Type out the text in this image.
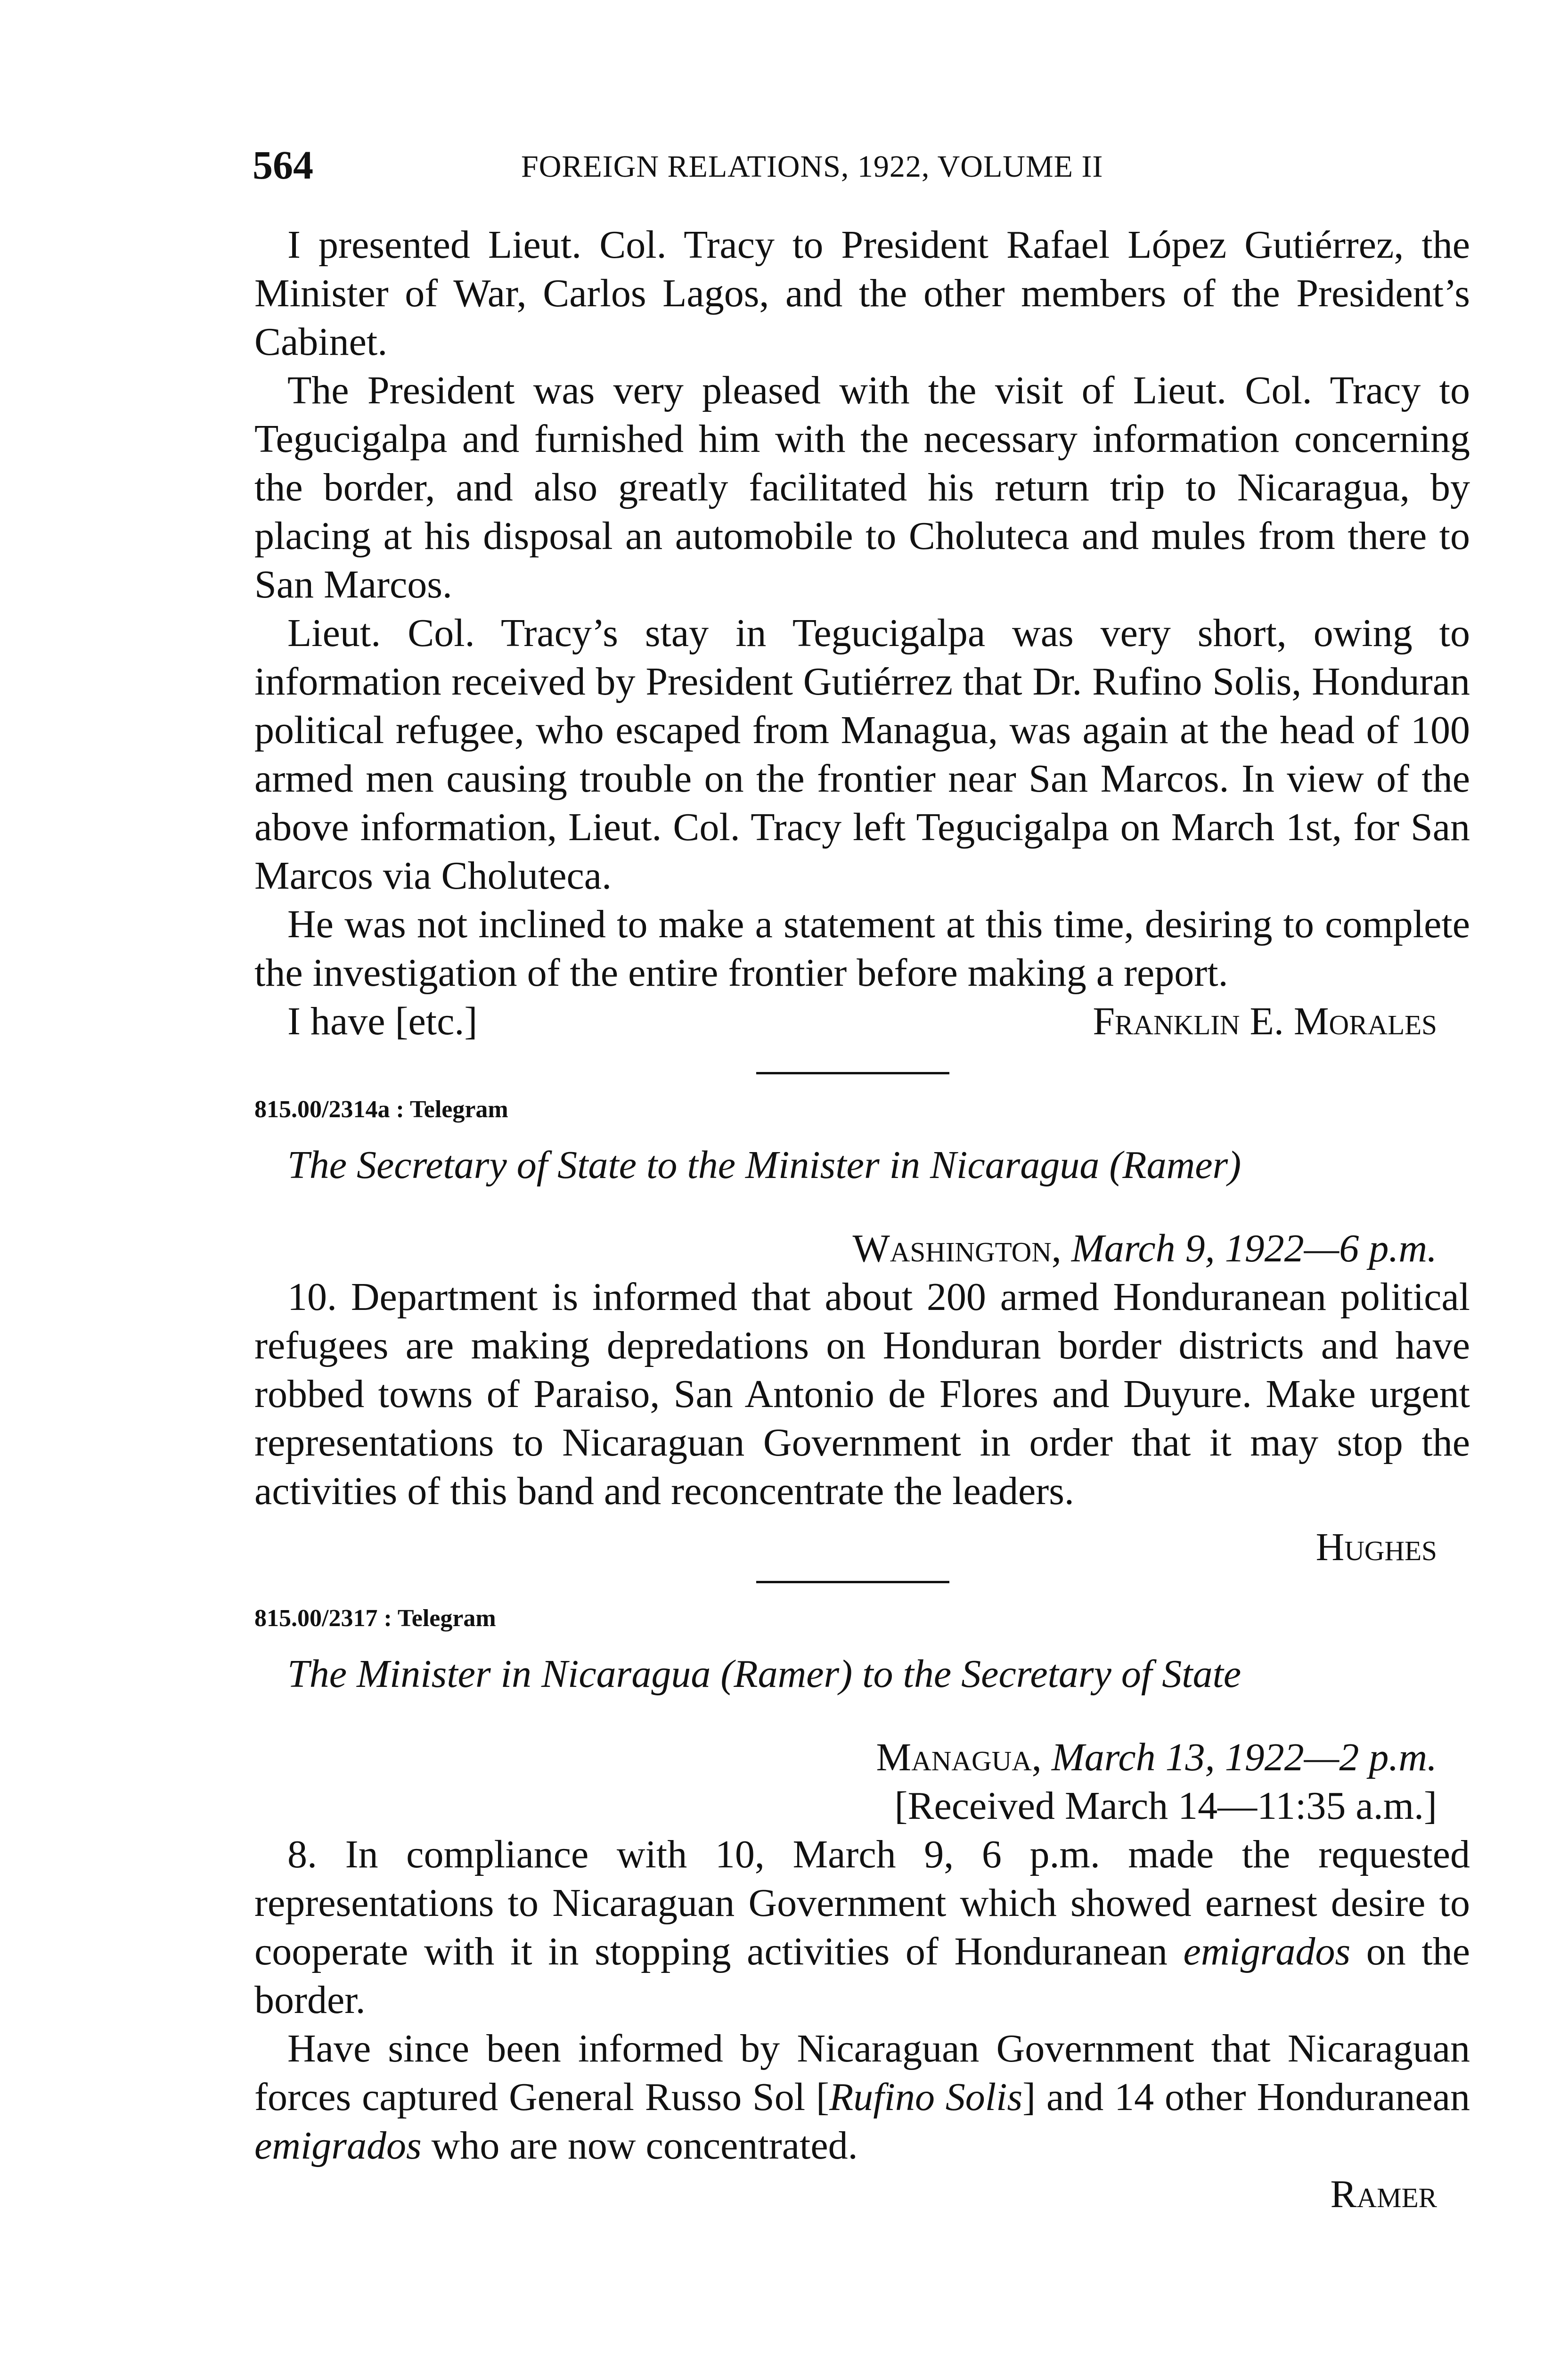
564	FOREIGN RELATIONS, 1922, VOLUME II

I presented Lieut. Col. Tracy to President Rafael López Gutiérrez, the Minister of War, Carlos Lagos, and the other members of the President’s Cabinet.

The President was very pleased with the visit of Lieut. Col. Tracy to Tegucigalpa and furnished him with the necessary information concerning the border, and also greatly facilitated his return trip to Nicaragua, by placing at his disposal an automobile to Choluteca and mules from there to San Marcos.

Lieut. Col. Tracy’s stay in Tegucigalpa was very short, owing to information received by President Gutiérrez that Dr. Rufino Solis, Honduran political refugee, who escaped from Managua, was again at the head of 100 armed men causing trouble on the frontier near San Marcos. In view of the above information, Lieut. Col. Tracy left Tegucigalpa on March 1st, for San Marcos via Choluteca.

He was not inclined to make a statement at this time, desiring to complete the investigation of the entire frontier before making a report.

I have [etc.]	Franklin E. Morales
815.00/2314a : Telegram
The Secretary of State to the Minister in Nicaragua (Ramer)
Washington, March 9, 1922—6 p.m.

10. Department is informed that about 200 armed Honduranean political refugees are making depredations on Honduran border districts and have robbed towns of Paraiso, San Antonio de Flores and Duyure. Make urgent representations to Nicaraguan Government in order that it may stop the activities of this band and reconcentrate the leaders.

Hughes
815.00/2317 : Telegram
The Minister in Nicaragua (Ramer) to the Secretary of State
Managua, March 13, 1922—2 p.m.
[Received March 14—11:35 a.m.]

8. In compliance with 10, March 9, 6 p.m. made the requested representations to Nicaraguan Government which showed earnest desire to cooperate with it in stopping activities of Honduranean emigrados on the border.

Have since been informed by Nicaraguan Government that Nicaraguan forces captured General Russo Sol [Rufino Solis] and 14 other Honduranean emigrados who are now concentrated.

Ramer
